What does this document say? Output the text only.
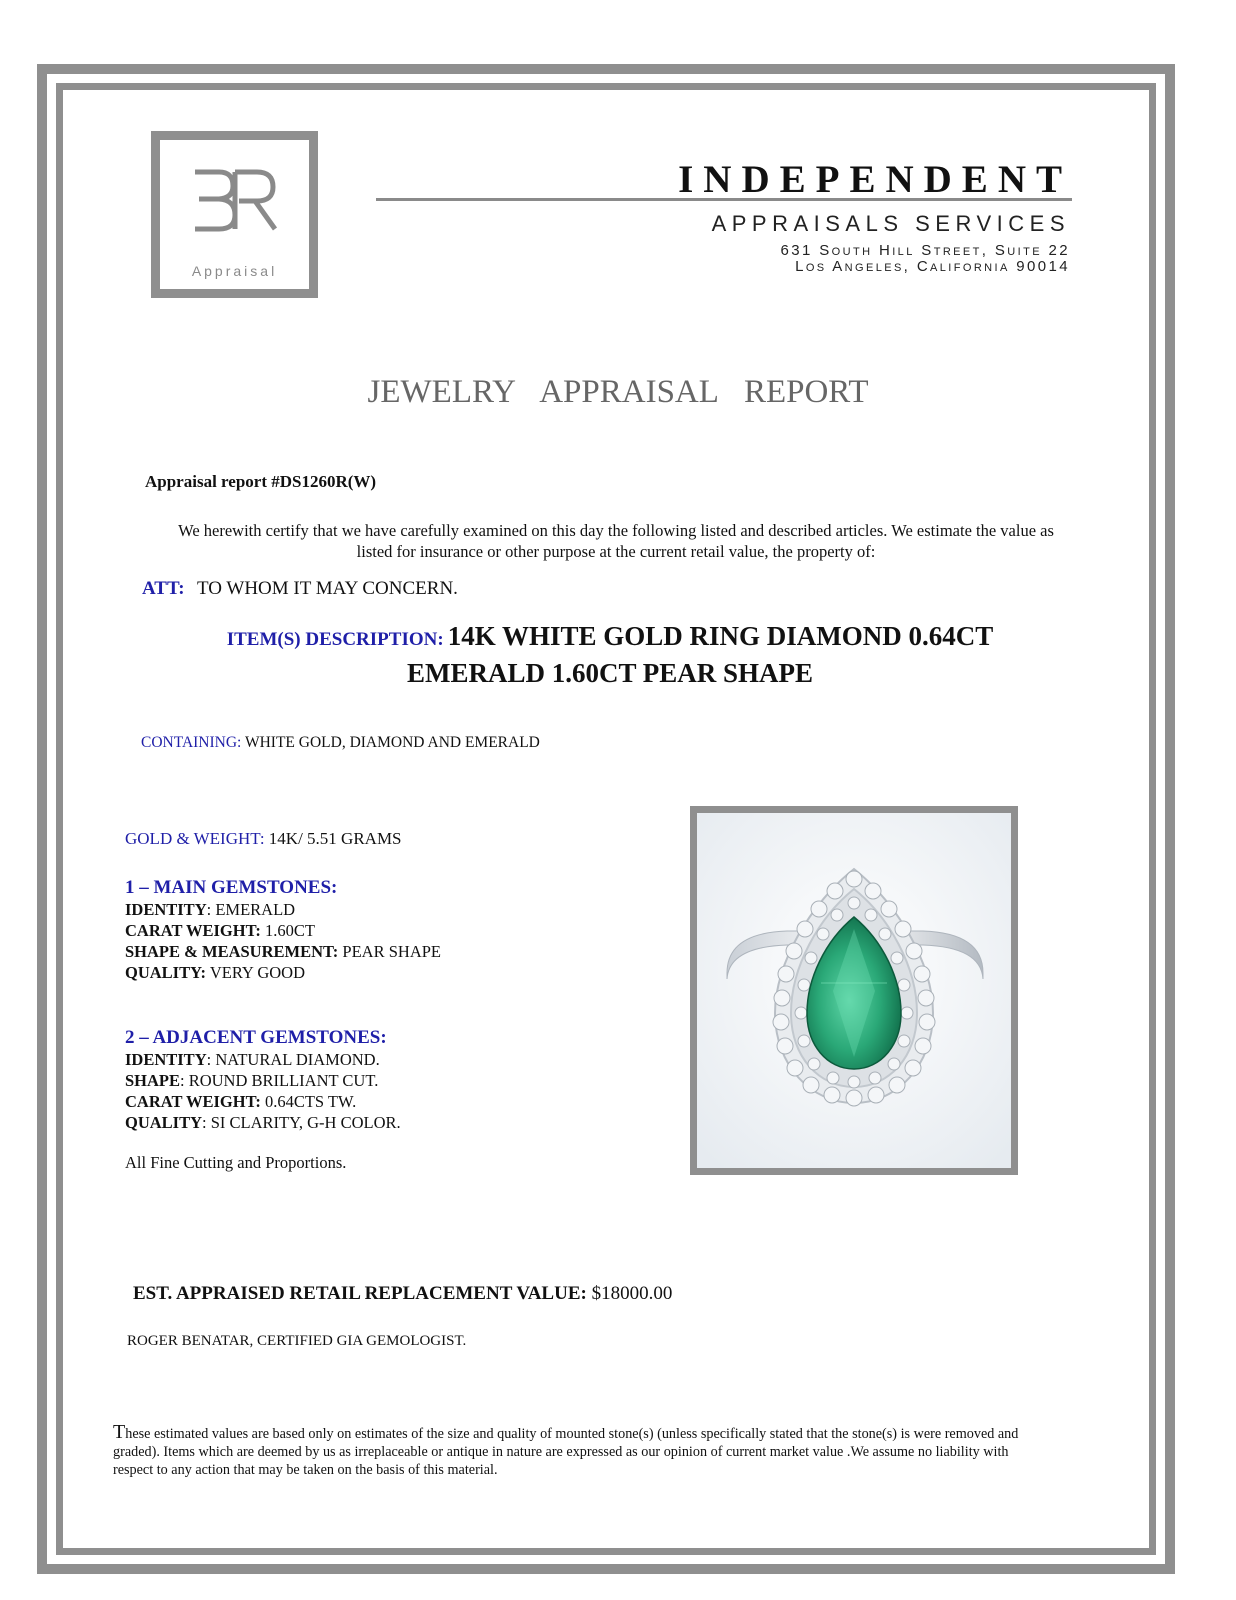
Appraisal
INDEPENDENT
APPRAISALS SERVICES
631 South Hill Street, Suite 22
Los Angeles, California 90014
JEWELRY APPRAISAL REPORT
Appraisal report #DS1260R(W)
We herewith certify that we have carefully examined on this day the following listed and described articles. We estimate the value as
listed for insurance or other purpose at the current retail value, the property of:
ATT: TO WHOM IT MAY CONCERN.
ITEM(S) DESCRIPTION: 14K WHITE GOLD RING DIAMOND 0.64CT
EMERALD 1.60CT PEAR SHAPE
CONTAINING: WHITE GOLD, DIAMOND AND EMERALD
GOLD & WEIGHT: 14K/ 5.51 GRAMS
1 – MAIN GEMSTONES:
IDENTITY: EMERALD
CARAT WEIGHT: 1.60CT
SHAPE & MEASUREMENT: PEAR SHAPE
QUALITY: VERY GOOD
2 – ADJACENT GEMSTONES:
IDENTITY: NATURAL DIAMOND.
SHAPE: ROUND BRILLIANT CUT.
CARAT WEIGHT: 0.64CTS TW.
QUALITY: SI CLARITY, G-H COLOR.
All Fine Cutting and Proportions.
EST. APPRAISED RETAIL REPLACEMENT VALUE: $18000.00
ROGER BENATAR, CERTIFIED GIA GEMOLOGIST.
These estimated values are based only on estimates of the size and quality of mounted stone(s) (unless specifically stated that the stone(s) is were removed and graded). Items which are deemed by us as irreplaceable or antique in nature are expressed as our opinion of current market value .We assume no liability with respect to any action that may be taken on the basis of this material.
